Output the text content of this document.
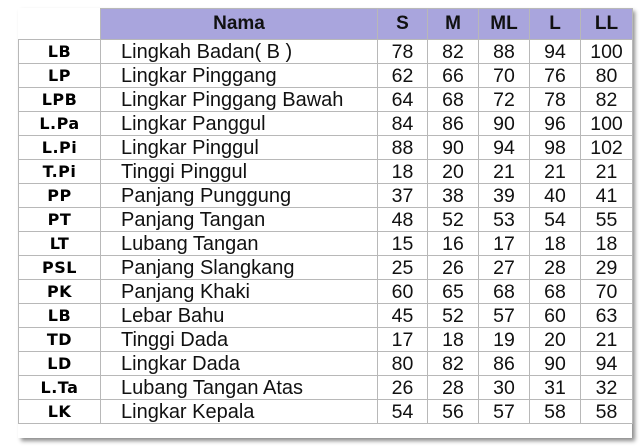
	Nama	S	M	ML	L	LL
LB	Lingkah Badan( B )	78	82	88	94	100
LP	Lingkar Pinggang	62	66	70	76	80
LPB	Lingkar Pinggang Bawah	64	68	72	78	82
L.Pa	Lingkar Panggul	84	86	90	96	100
L.Pi	Lingkar Pinggul	88	90	94	98	102
T.Pi	Tinggi Pinggul	18	20	21	21	21
PP	Panjang Punggung	37	38	39	40	41
PT	Panjang Tangan	48	52	53	54	55
LT	Lubang Tangan	15	16	17	18	18
PSL	Panjang Slangkang	25	26	27	28	29
PK	Panjang Khaki	60	65	68	68	70
LB	Lebar Bahu	45	52	57	60	63
TD	Tinggi Dada	17	18	19	20	21
LD	Lingkar Dada	80	82	86	90	94
L.Ta	Lubang Tangan Atas	26	28	30	31	32
LK	Lingkar Kepala	54	56	57	58	58
